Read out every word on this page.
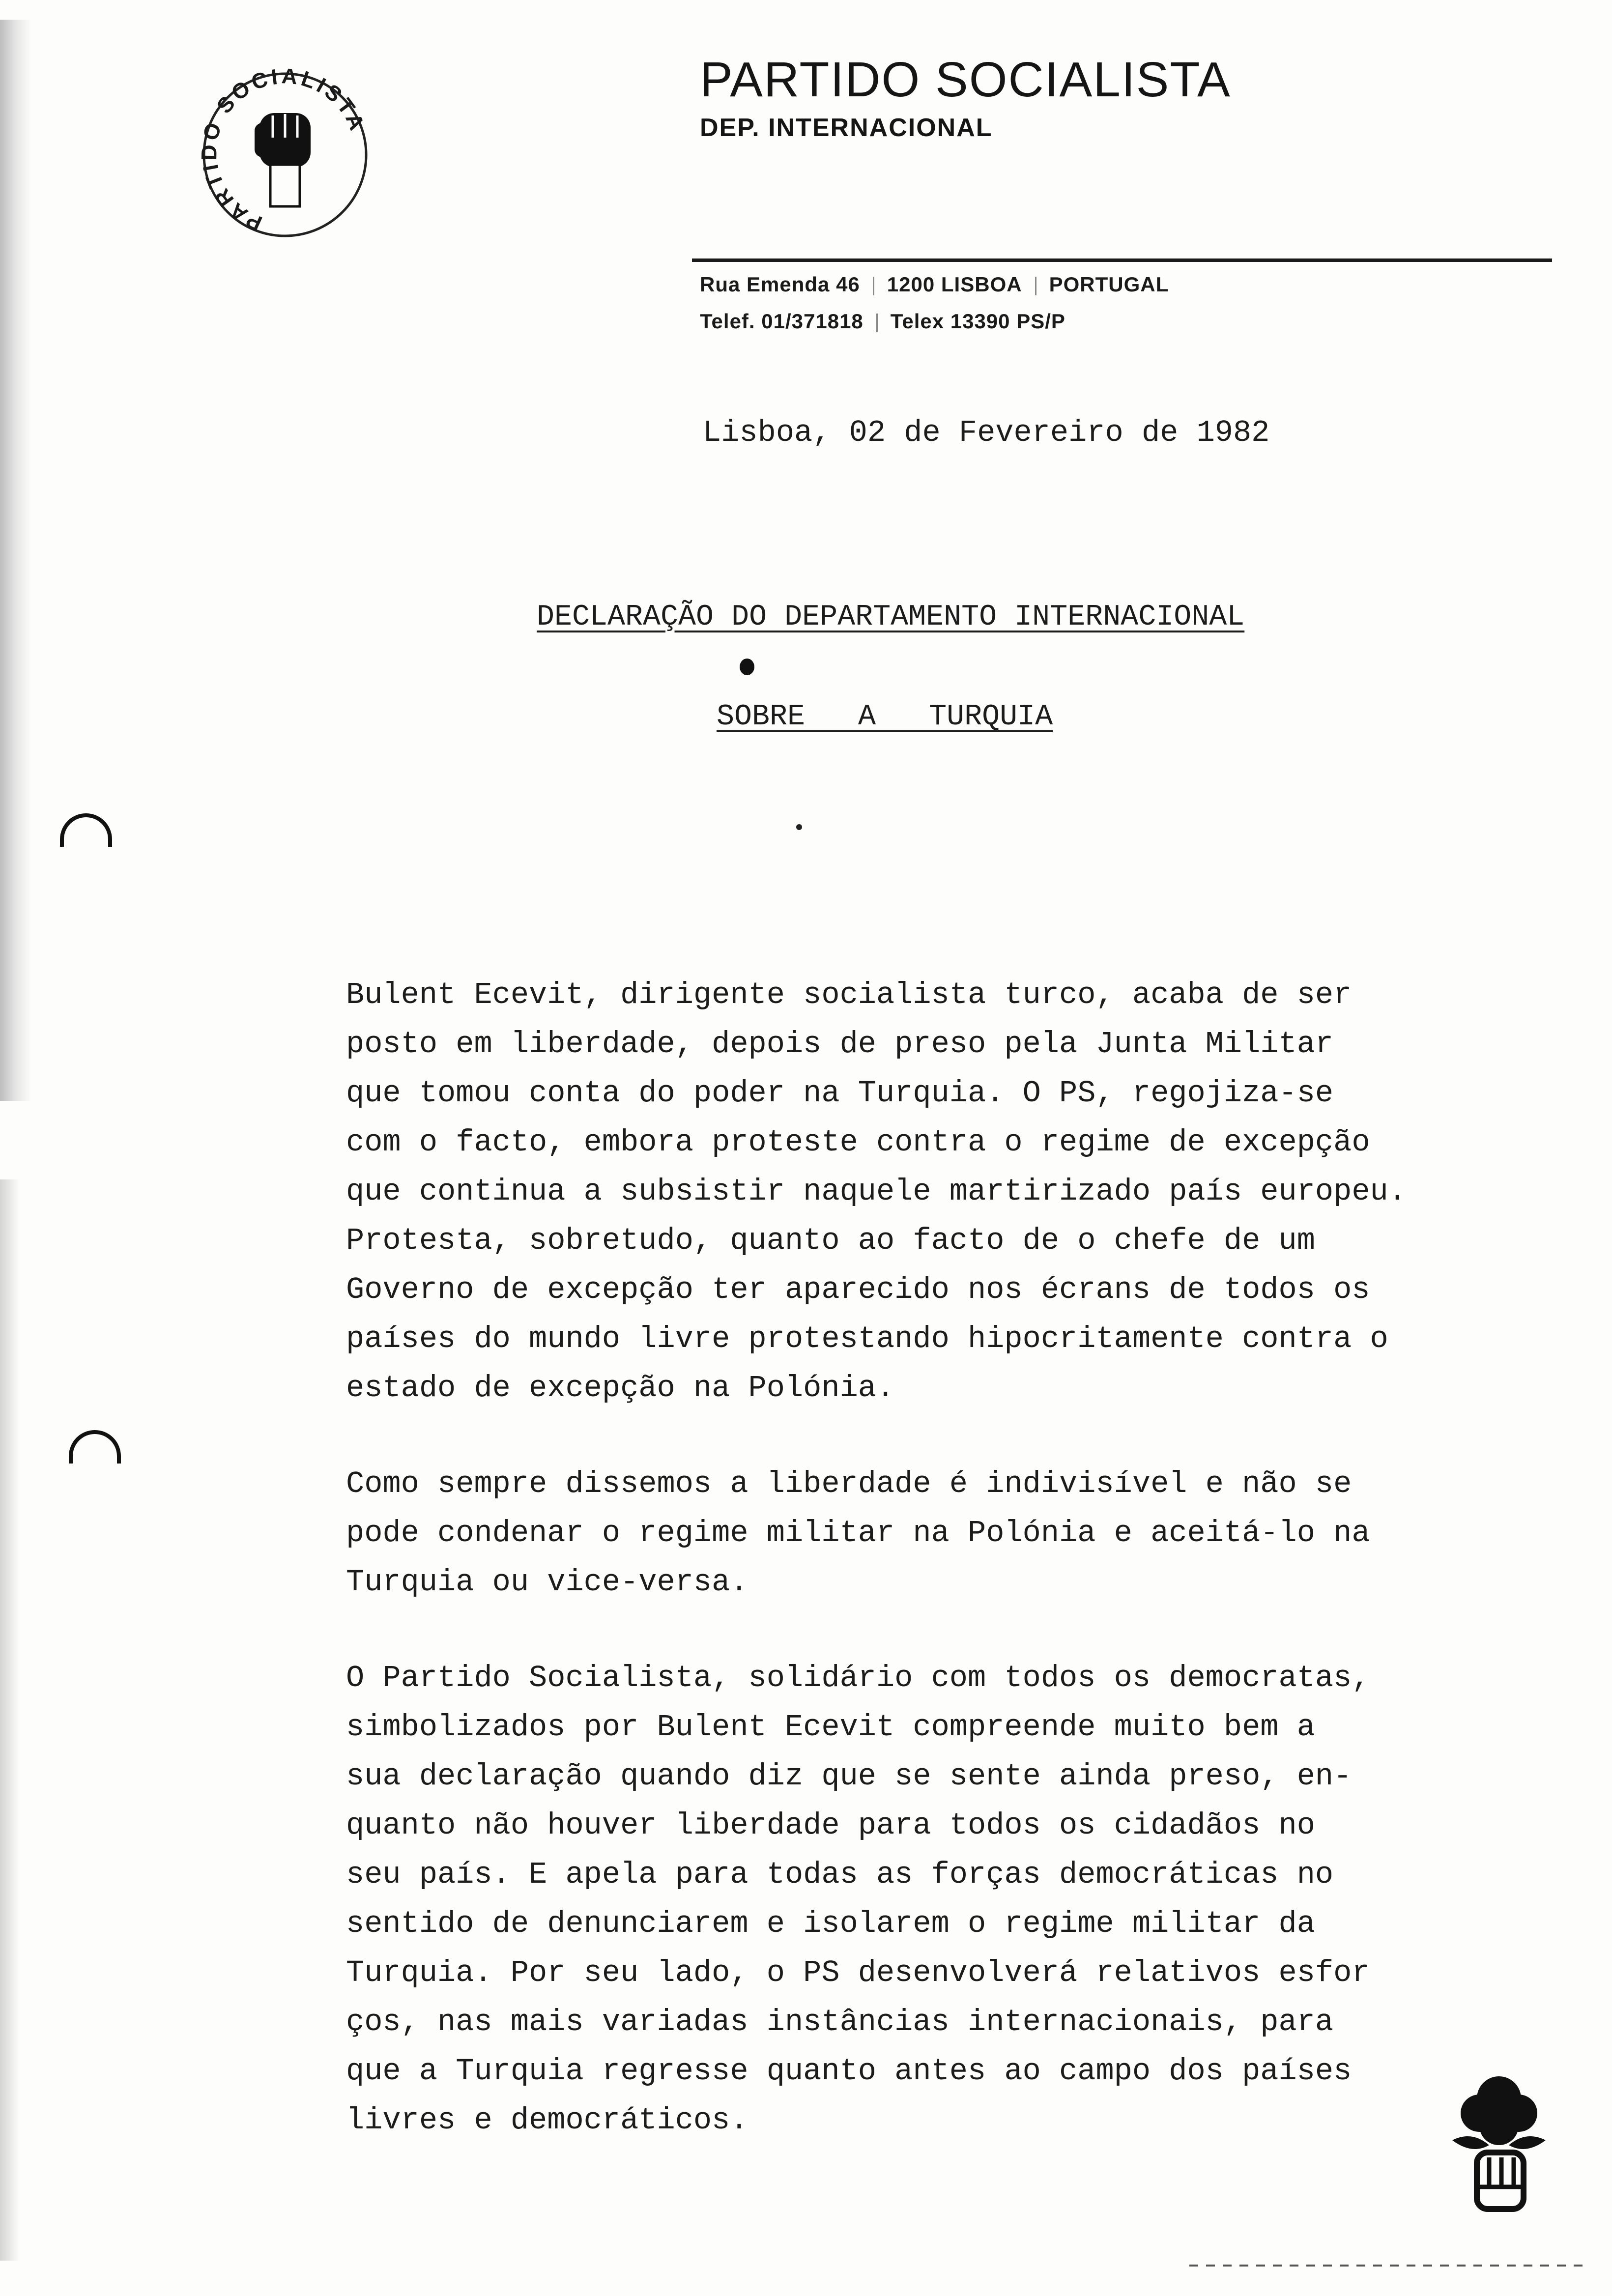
PARTIDO SOCIALISTA
PARTIDO SOCIALISTA
DEP. INTERNACIONAL
Rua Emenda 46 1200 LISBOA PORTUGAL
Telef. 01/371818 Telex 13390 PS/P
Lisboa, 02 de Fevereiro de 1982
DECLARAÇÃO DO DEPARTAMENTO INTERNACIONAL
SOBRE   A   TURQUIA
Bulent Ecevit, dirigente socialista turco, acaba de ser
posto em liberdade, depois de preso pela Junta Militar
que tomou conta do poder na Turquia. O PS, regojiza-se
com o facto, embora proteste contra o regime de excepção
que continua a subsistir naquele martirizado país europeu.
Protesta, sobretudo, quanto ao facto de o chefe de um
Governo de excepção ter aparecido nos écrans de todos os
países do mundo livre protestando hipocritamente contra o
estado de excepção na Polónia.
Como sempre dissemos a liberdade é indivisível e não se
pode condenar o regime militar na Polónia e aceitá-lo na
Turquia ou vice-versa.
O Partido Socialista, solidário com todos os democratas,
simbolizados por Bulent Ecevit compreende muito bem a
sua declaração quando diz que se sente ainda preso, en-
quanto não houver liberdade para todos os cidadãos no
seu país. E apela para todas as forças democráticas no
sentido de denunciarem e isolarem o regime militar da
Turquia. Por seu lado, o PS desenvolverá relativos esfor
ços, nas mais variadas instâncias internacionais, para
que a Turquia regresse quanto antes ao campo dos países
livres e democráticos.
